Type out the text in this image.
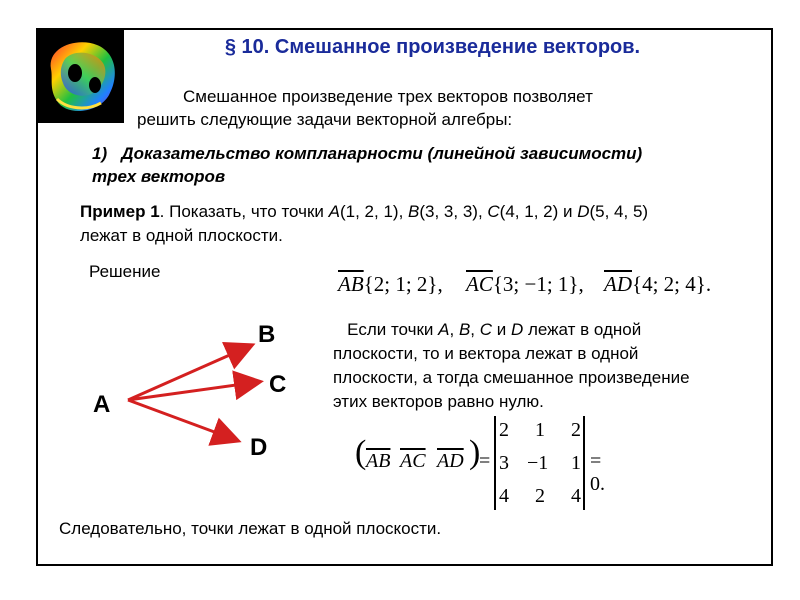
§ 10. Смешанное произведение векторов.
Смешанное произведение трех векторов позволяет
решить следующие задачи векторной алгебры:
1) Доказательство компланарности (линейной зависимости)
трех векторов
Пример 1. Показать, что точки A(1, 2, 1), B(3, 3, 3), C(4, 1, 2) и D(5, 4, 5)
лежат в одной плоскости.
Решение
$\overline{AB}\{2$; 1; 2}, $\overline{AC}\{3$; −1; 1}, $\overline{AD}\{4$; 2; 4}.
Если точки A, B, C и D лежат в одной
плоскости, то и вектора лежат в одной
плоскости, а тогда смешанное произведение
этих векторов равно нулю.
A
B
C
D	( $\overline{AB}$ $\overline{AC}$ $\overline{AD}$ )
=
2 1 2
3 −1 1
4 2 4
= 0.
Следовательно, точки лежат в одной плоскости.
